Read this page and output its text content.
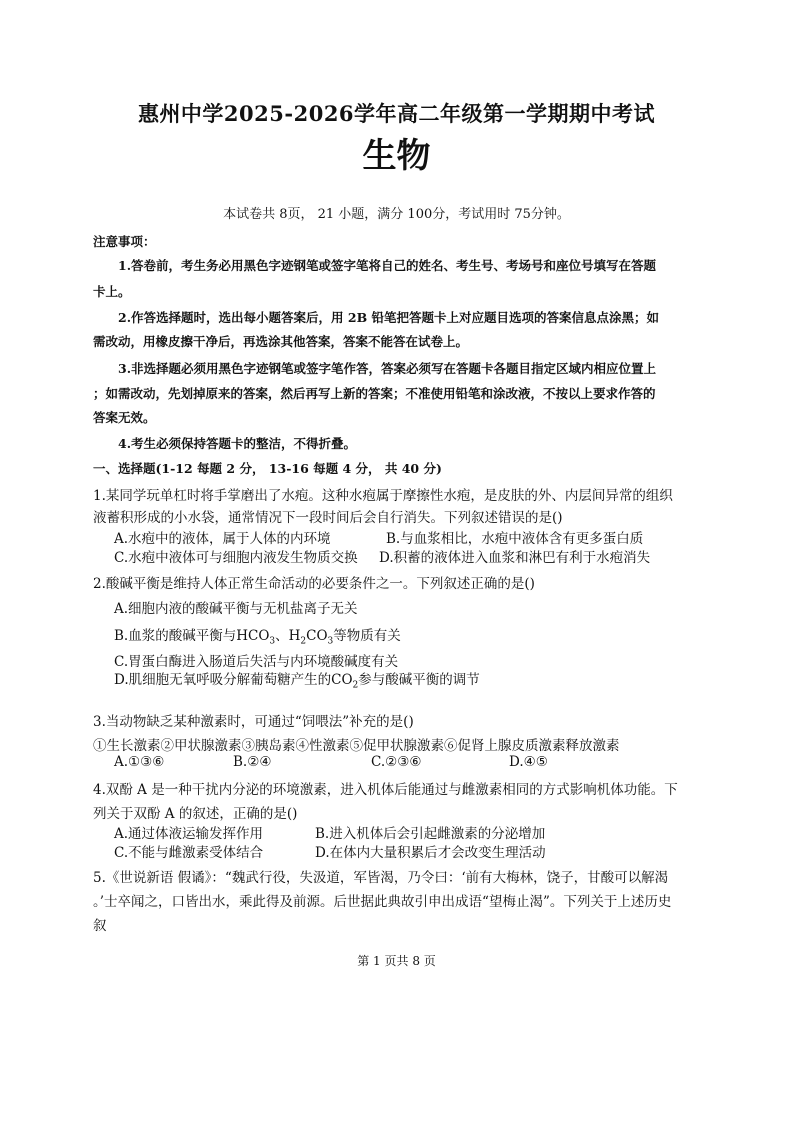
惠州中学2025-2026学年高二年级第一学期期中考试
生物
本试卷共 8页， 21 小题，满分 100分，考试用时 75分钟。
注意事项：
1.答卷前，考生务必用黑色字迹钢笔或签字笔将自己的姓名、考生号、考场号和座位号填写在答题
卡上。
2.作答选择题时，选出每小题答案后，用 2B 铅笔把答题卡上对应题目选项的答案信息点涂黑；如
需改动，用橡皮擦干净后，再选涂其他答案，答案不能答在试卷上。
3.非选择题必须用黑色字迹钢笔或签字笔作答，答案必须写在答题卡各题目指定区域内相应位置上
；如需改动，先划掉原来的答案，然后再写上新的答案；不准使用铅笔和涂改液，不按以上要求作答的
答案无效。
4.考生必须保持答题卡的整洁，不得折叠。
一、选择题(1-12 每题 2 分， 13-16 每题 4 分， 共 40 分)
1.某同学玩单杠时将手掌磨出了水疱。这种水疱属于摩擦性水疱，是皮肤的外、内层间异常的组织
液蓄积形成的小水袋，通常情况下一段时间后会自行消失。下列叙述错误的是()
A.水疱中的液体，属于人体的内环境	B.与血浆相比，水疱中液体含有更多蛋白质
C.水疱中液体可与细胞内液发生物质交换 D.积蓄的液体进入血浆和淋巴有利于水疱消失
2.酸碱平衡是维持人体正常生命活动的必要条件之一。下列叙述正确的是()
A.细胞内液的酸碱平衡与无机盐离子无关
B.血浆的酸碱平衡与$HCO_3$、$H_2CO_3$等物质有关
C.胃蛋白酶进入肠道后失活与内环境酸碱度有关
D.肌细胞无氧呼吸分解葡萄糖产生的$CO_2$参与酸碱平衡的调节
3.当动物缺乏某种激素时，可通过“饲喂法”补充的是()
①生长激素②甲状腺激素③胰岛素④性激素⑤促甲状腺激素⑥促肾上腺皮质激素释放激素
A.①③⑥	B.②④	C.②③⑥	D.④⑤
4.双酚 A 是一种干扰内分泌的环境激素，进入机体后能通过与雌激素相同的方式影响机体功能。下
列关于双酚 A 的叙述，正确的是()
A.通过体液运输发挥作用	B.进入机体后会引起雌激素的分泌增加
C.不能与雌激素受体结合	D.在体内大量积累后才会改变生理活动
5.《世说新语 假谲》：“魏武行役，失汲道，军皆渴，乃令曰：‘前有大梅林，饶子，甘酸可以解渴
。’士卒闻之，口皆出水，乘此得及前源。后世据此典故引申出成语“望梅止渴”。下列关于上述历史
叙
第 1 页共 8 页
